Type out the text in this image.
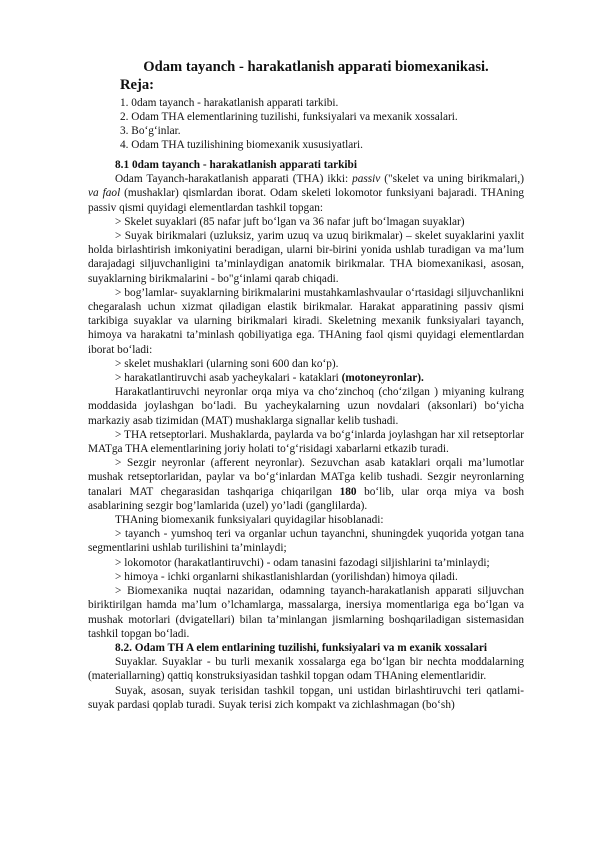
Odam tayanch - harakatlanish apparati biomexanikasi.
Reja:
1. 0dam tayanch - harakatlanish apparati tarkibi.
2. Odam THA elementlarining tuzilishi, funksiyalari va mexanik xossalari.
3. Bo‘g‘inlar.
4. Odam THA tuzilishining biomexanik xususiyatlari.

8.1 0dam tayanch - harakatlanish apparati tarkibi

Odam Tayanch-harakatlanish apparati (THA) ikki: passiv ("skelet va uning birikmalari,) va faol (mushaklar) qismlardan iborat. Odam skeleti lokomotor funksiyani bajaradi. THAning passiv qismi quyidagi elementlardan tashkil topgan:

> Skelet suyaklari (85 nafar juft bo‘lgan va 36 nafar juft bo‘lmagan suyaklar)

> Suyak birikmalari (uzluksiz, yarim uzuq va uzuq birikmalar) – skelet suyaklarini yaxlit holda birlashtirish imkoniyatini beradigan, ularni bir-birini yonida ushlab turadigan va ma’lum darajadagi siljuvchanligini ta’minlaydigan anatomik birikmalar. THA biomexanikasi, asosan, suyaklarning birikmalarini - bo"g‘inlami qarab chiqadi.

> bog’lamlar- suyaklarning birikmalarini mustahkamlashvaular o‘rtasidagi siljuvchanlikni chegaralash uchun xizmat qiladigan elastik birikmalar. Harakat apparatining passiv qismi tarkibiga suyaklar va ularning birikmalari kiradi. Skeletning mexanik funksiyalari tayanch, himoya va harakatni ta’minlash qobiliyatiga ega. THAning faol qismi quyidagi elementlardan iborat bo‘ladi:

> skelet mushaklari (ularning soni 600 dan ko‘p).

> harakatlantiruvchi asab yacheykalari - kataklari (motoneyronlar).

Harakatlantiruvchi neyronlar orqa miya va cho‘zinchoq (cho‘zilgan ) miyaning kulrang moddasida joylashgan bo‘ladi. Bu yacheykalarning uzun novdalari (aksonlari) bo‘yicha markaziy asab tizimidan (MAT) mushaklarga signallar kelib tushadi.

> THA retseptorlari. Mushaklarda, paylarda va bo‘g‘inlarda joylashgan har xil retseptorlar MATga THA elementlarining joriy holati to‘g‘risidagi xabarlarni etkazib turadi.

> Sezgir neyronlar (afferent neyronlar). Sezuvchan asab kataklari orqali ma’lumotlar mushak retseptorlaridan, paylar va bo‘g‘inlardan MATga kelib tushadi. Sezgir neyronlarning tanalari MAT chegarasidan tashqariga chiqarilgan 180 bo‘lib, ular orqa miya va bosh asablarining sezgir bog’lamlarida (uzel) yo’ladi (ganglilarda).

THAning biomexanik funksiyalari quyidagilar hisoblanadi:

> tayanch - yumshoq teri va organlar uchun tayanchni, shuningdek yuqorida yotgan tana segmentlarini ushlab turilishini ta’minlaydi;

> lokomotor (harakatlantiruvchi) - odam tanasini fazodagi siljishlarini ta’minlaydi;

> himoya - ichki organlarni shikastlanishlardan (yorilishdan) himoya qiladi.

> Biomexanika nuqtai nazaridan, odamning tayanch-harakatlanish apparati siljuvchan biriktirilgan hamda ma’lum o’lchamlarga, massalarga, inersiya momentlariga ega bo‘lgan va mushak motorlari (dvigatellari) bilan ta’minlangan jismlarning boshqariladigan sistemasidan tashkil topgan bo‘ladi.

8.2. Odam TH A elem entlarining tuzilishi, funksiyalari va m exanik xossalari

Suyaklar. Suyaklar - bu turli mexanik xossalarga ega bo‘lgan bir nechta moddalarning (materiallarning) qattiq konstruksiyasidan tashkil topgan odam THAning elementlaridir.

Suyak, asosan, suyak terisidan tashkil topgan, uni ustidan birlashtiruvchi teri qatlami-suyak pardasi qoplab turadi. Suyak terisi zich kompakt va zichlashmagan (bo‘sh)
